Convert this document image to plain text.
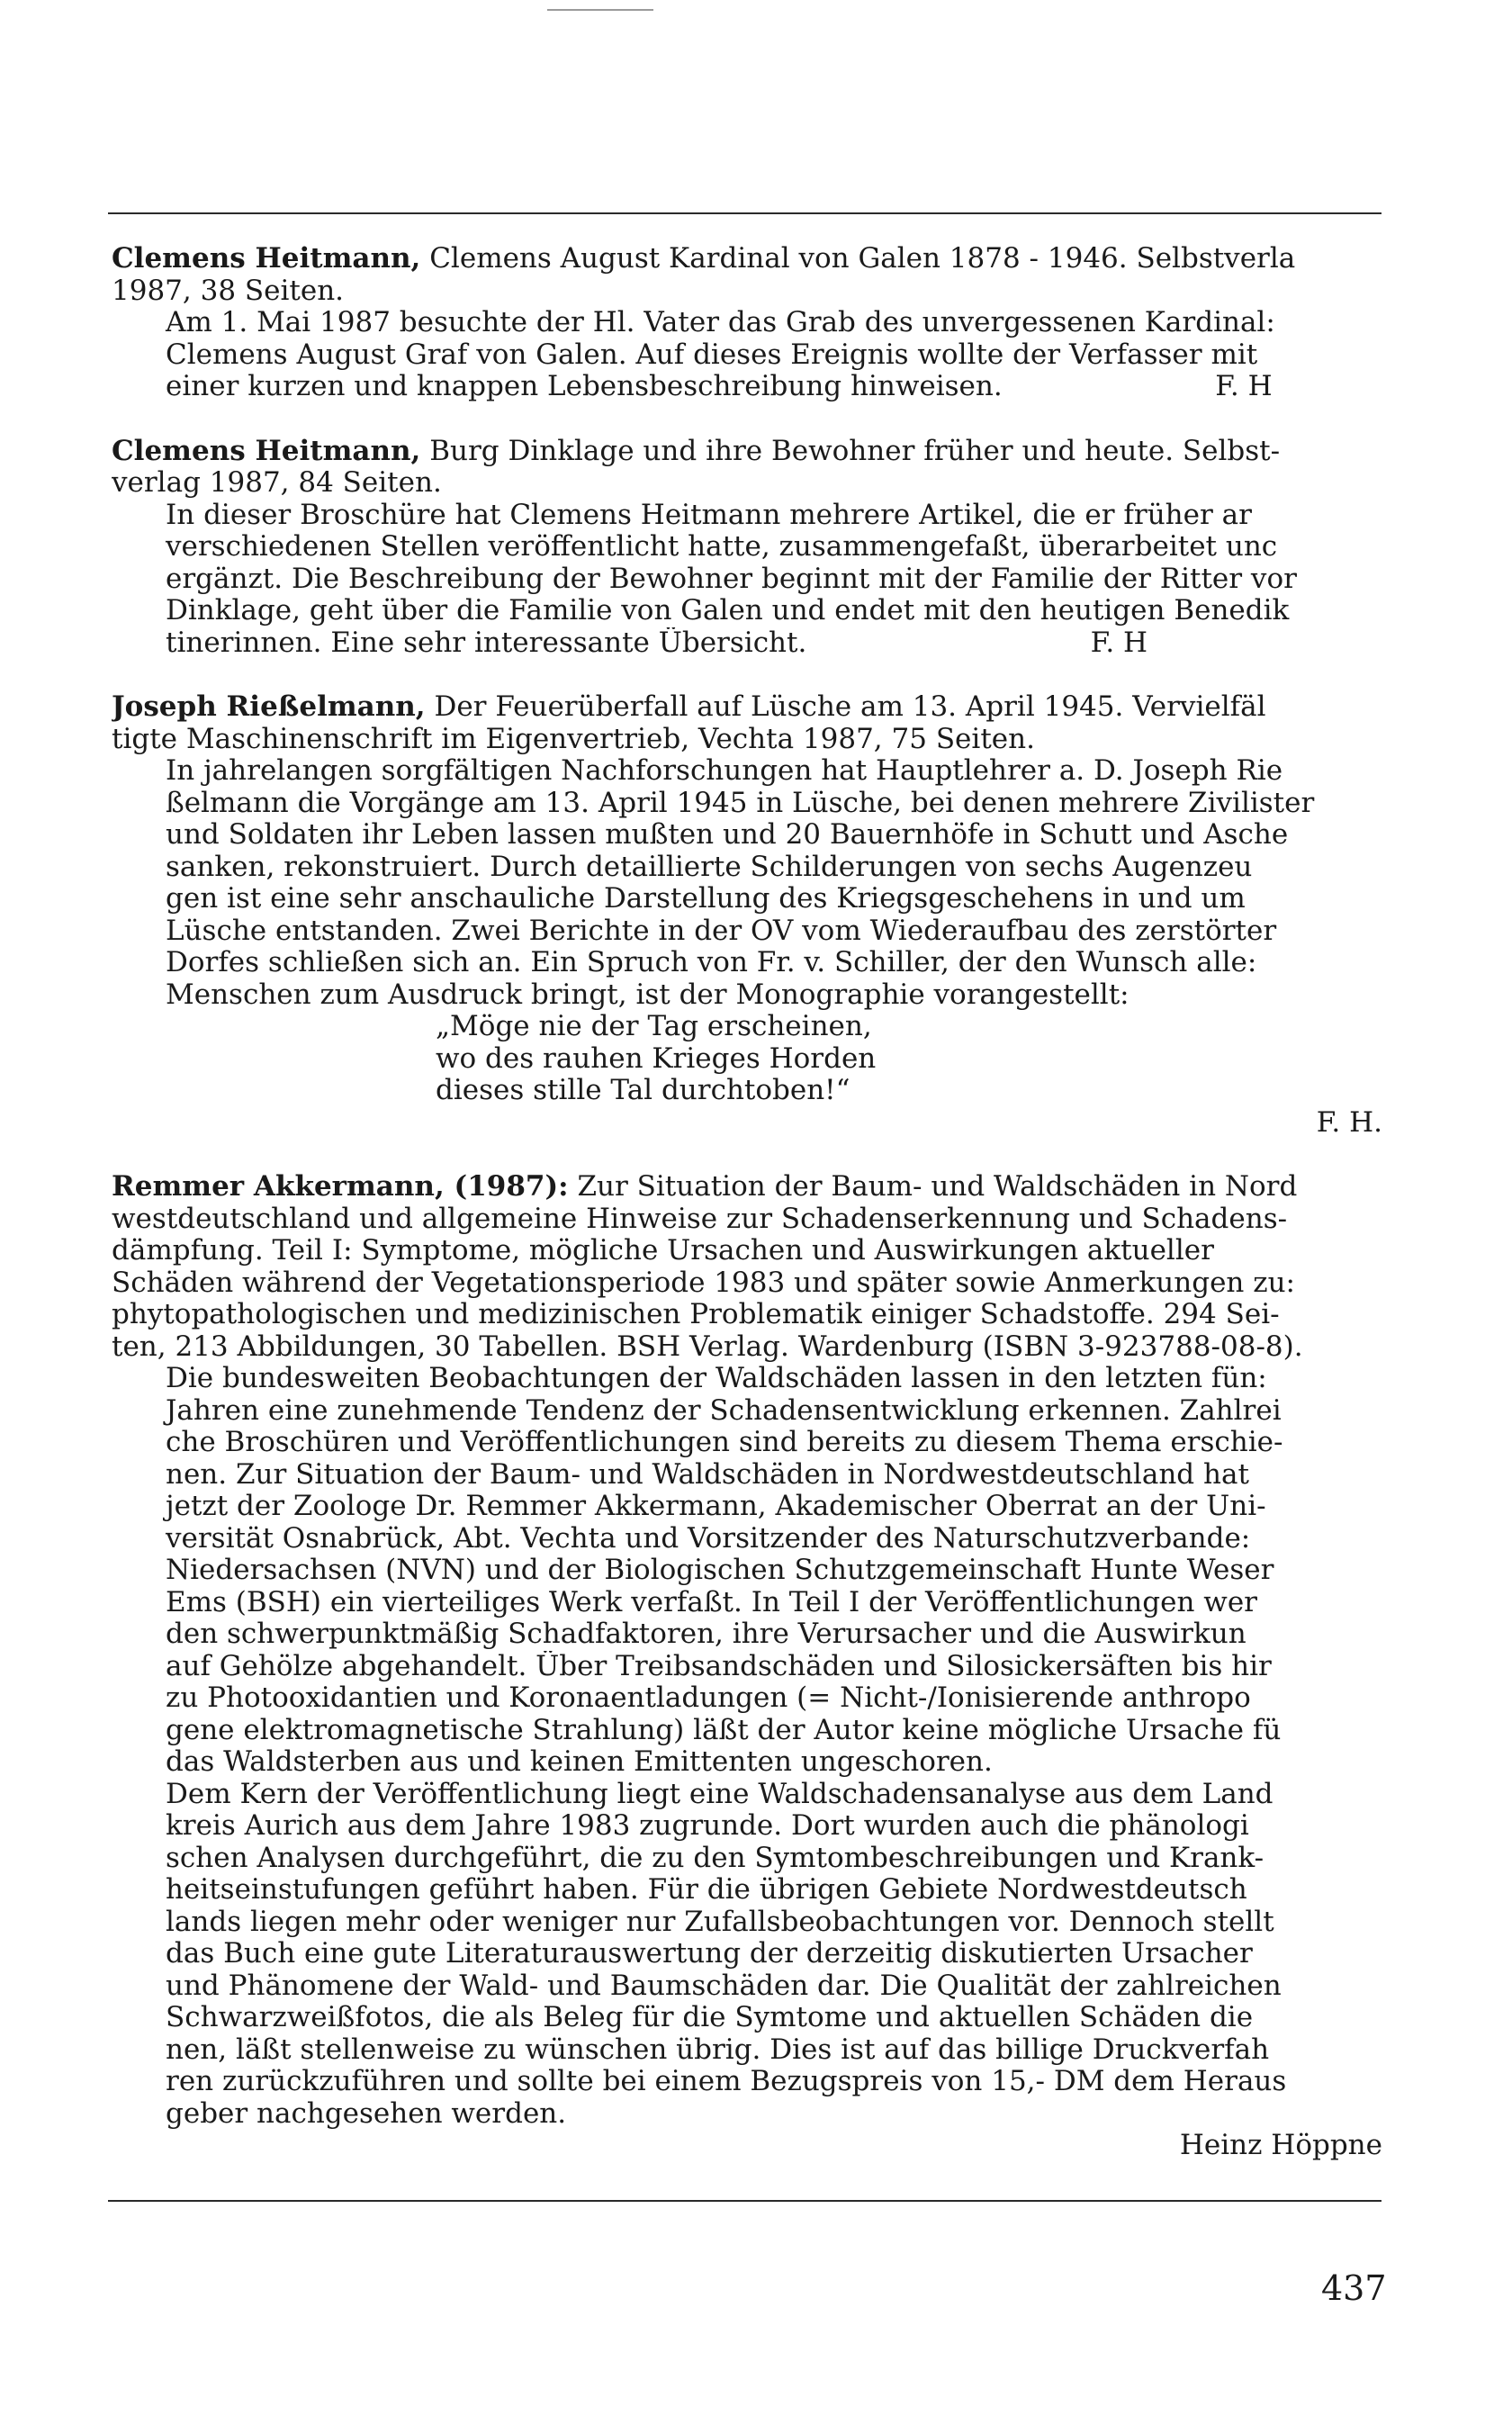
Clemens Heitmann, Clemens August Kardinal von Galen 1878 - 1946. Selbstverla
1987, 38 Seiten.
Am 1. Mai 1987 besuchte der Hl. Vater das Grab des unvergessenen Kardinal:
Clemens August Graf von Galen. Auf dieses Ereignis wollte der Verfasser mit
einer kurzen und knappen Lebensbeschreibung hinweisen.                        F. H
Clemens Heitmann, Burg Dinklage und ihre Bewohner früher und heute. Selbst-
verlag 1987, 84 Seiten.
In dieser Broschüre hat Clemens Heitmann mehrere Artikel, die er früher ar
verschiedenen Stellen veröffentlicht hatte, zusammengefaßt, überarbeitet unc
ergänzt. Die Beschreibung der Bewohner beginnt mit der Familie der Ritter vor
Dinklage, geht über die Familie von Galen und endet mit den heutigen Benedik
tinerinnen. Eine sehr interessante Übersicht.                                F. H
Joseph Rießelmann, Der Feuerüberfall auf Lüsche am 13. April 1945. Vervielfäl
tigte Maschinenschrift im Eigenvertrieb, Vechta 1987, 75 Seiten.
In jahrelangen sorgfältigen Nachforschungen hat Hauptlehrer a. D. Joseph Rie
ßelmann die Vorgänge am 13. April 1945 in Lüsche, bei denen mehrere Zivilister
und Soldaten ihr Leben lassen mußten und 20 Bauernhöfe in Schutt und Asche
sanken, rekonstruiert. Durch detaillierte Schilderungen von sechs Augenzeu
gen ist eine sehr anschauliche Darstellung des Kriegsgeschehens in und um
Lüsche entstanden. Zwei Berichte in der OV vom Wiederaufbau des zerstörter
Dorfes schließen sich an. Ein Spruch von Fr. v. Schiller, der den Wunsch alle:
Menschen zum Ausdruck bringt, ist der Monographie vorangestellt:
„Möge nie der Tag erscheinen,
wo des rauhen Krieges Horden
dieses stille Tal durchtoben!“
F. H.
Remmer Akkermann, (1987): Zur Situation der Baum- und Waldschäden in Nord
westdeutschland und allgemeine Hinweise zur Schadenserkennung und Schadens-
dämpfung. Teil I: Symptome, mögliche Ursachen und Auswirkungen aktueller
Schäden während der Vegetationsperiode 1983 und später sowie Anmerkungen zu:
phytopathologischen und medizinischen Problematik einiger Schadstoffe. 294 Sei-
ten, 213 Abbildungen, 30 Tabellen. BSH Verlag. Wardenburg (ISBN 3-923788-08-8).
Die bundesweiten Beobachtungen der Waldschäden lassen in den letzten fün:
Jahren eine zunehmende Tendenz der Schadensentwicklung erkennen. Zahlrei
che Broschüren und Veröffentlichungen sind bereits zu diesem Thema erschie-
nen. Zur Situation der Baum- und Waldschäden in Nordwestdeutschland hat
jetzt der Zoologe Dr. Remmer Akkermann, Akademischer Oberrat an der Uni-
versität Osnabrück, Abt. Vechta und Vorsitzender des Naturschutzverbande:
Niedersachsen (NVN) und der Biologischen Schutzgemeinschaft Hunte Weser
Ems (BSH) ein vierteiliges Werk verfaßt. In Teil I der Veröffentlichungen wer
den schwerpunktmäßig Schadfaktoren, ihre Verursacher und die Auswirkun
auf Gehölze abgehandelt. Über Treibsandschäden und Silosickersäften bis hir
zu Photooxidantien und Koronaentladungen (= Nicht-/Ionisierende anthropo
gene elektromagnetische Strahlung) läßt der Autor keine mögliche Ursache fü
das Waldsterben aus und keinen Emittenten ungeschoren.
Dem Kern der Veröffentlichung liegt eine Waldschadensanalyse aus dem Land
kreis Aurich aus dem Jahre 1983 zugrunde. Dort wurden auch die phänologi
schen Analysen durchgeführt, die zu den Symtombeschreibungen und Krank-
heitseinstufungen geführt haben. Für die übrigen Gebiete Nordwestdeutsch
lands liegen mehr oder weniger nur Zufallsbeobachtungen vor. Dennoch stellt
das Buch eine gute Literaturauswertung der derzeitig diskutierten Ursacher
und Phänomene der Wald- und Baumschäden dar. Die Qualität der zahlreichen
Schwarzweißfotos, die als Beleg für die Symtome und aktuellen Schäden die
nen, läßt stellenweise zu wünschen übrig. Dies ist auf das billige Druckverfah
ren zurückzuführen und sollte bei einem Bezugspreis von 15,- DM dem Heraus
geber nachgesehen werden.
Heinz Höppne
437
